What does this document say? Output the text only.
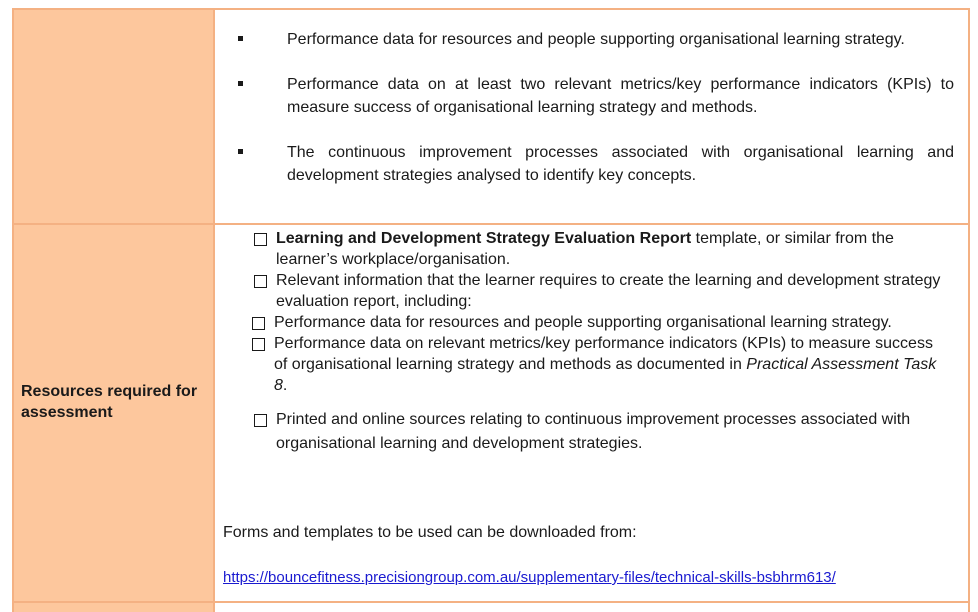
Performance data for resources and people supporting organisational learning strategy.
Performance data on at least two relevant metrics/key performance indicators (KPIs) to measure success of organisational learning strategy and methods.
The continuous improvement processes associated with organisational learning and development strategies analysed to identify key concepts.
Resources required for assessment
Learning and Development Strategy Evaluation Report template, or similar from the learner’s workplace/organisation.
Relevant information that the learner requires to create the learning and development strategy evaluation report, including:
Performance data for resources and people supporting organisational learning strategy.
Performance data on relevant metrics/key performance indicators (KPIs) to measure success of organisational learning strategy and methods as documented in Practical Assessment Task 8.
Printed and online sources relating to continuous improvement processes associated with organisational learning and development strategies.
Forms and templates to be used can be downloaded from:
https://bouncefitness.precisiongroup.com.au/supplementary-files/technical-skills-bsbhrm613/
